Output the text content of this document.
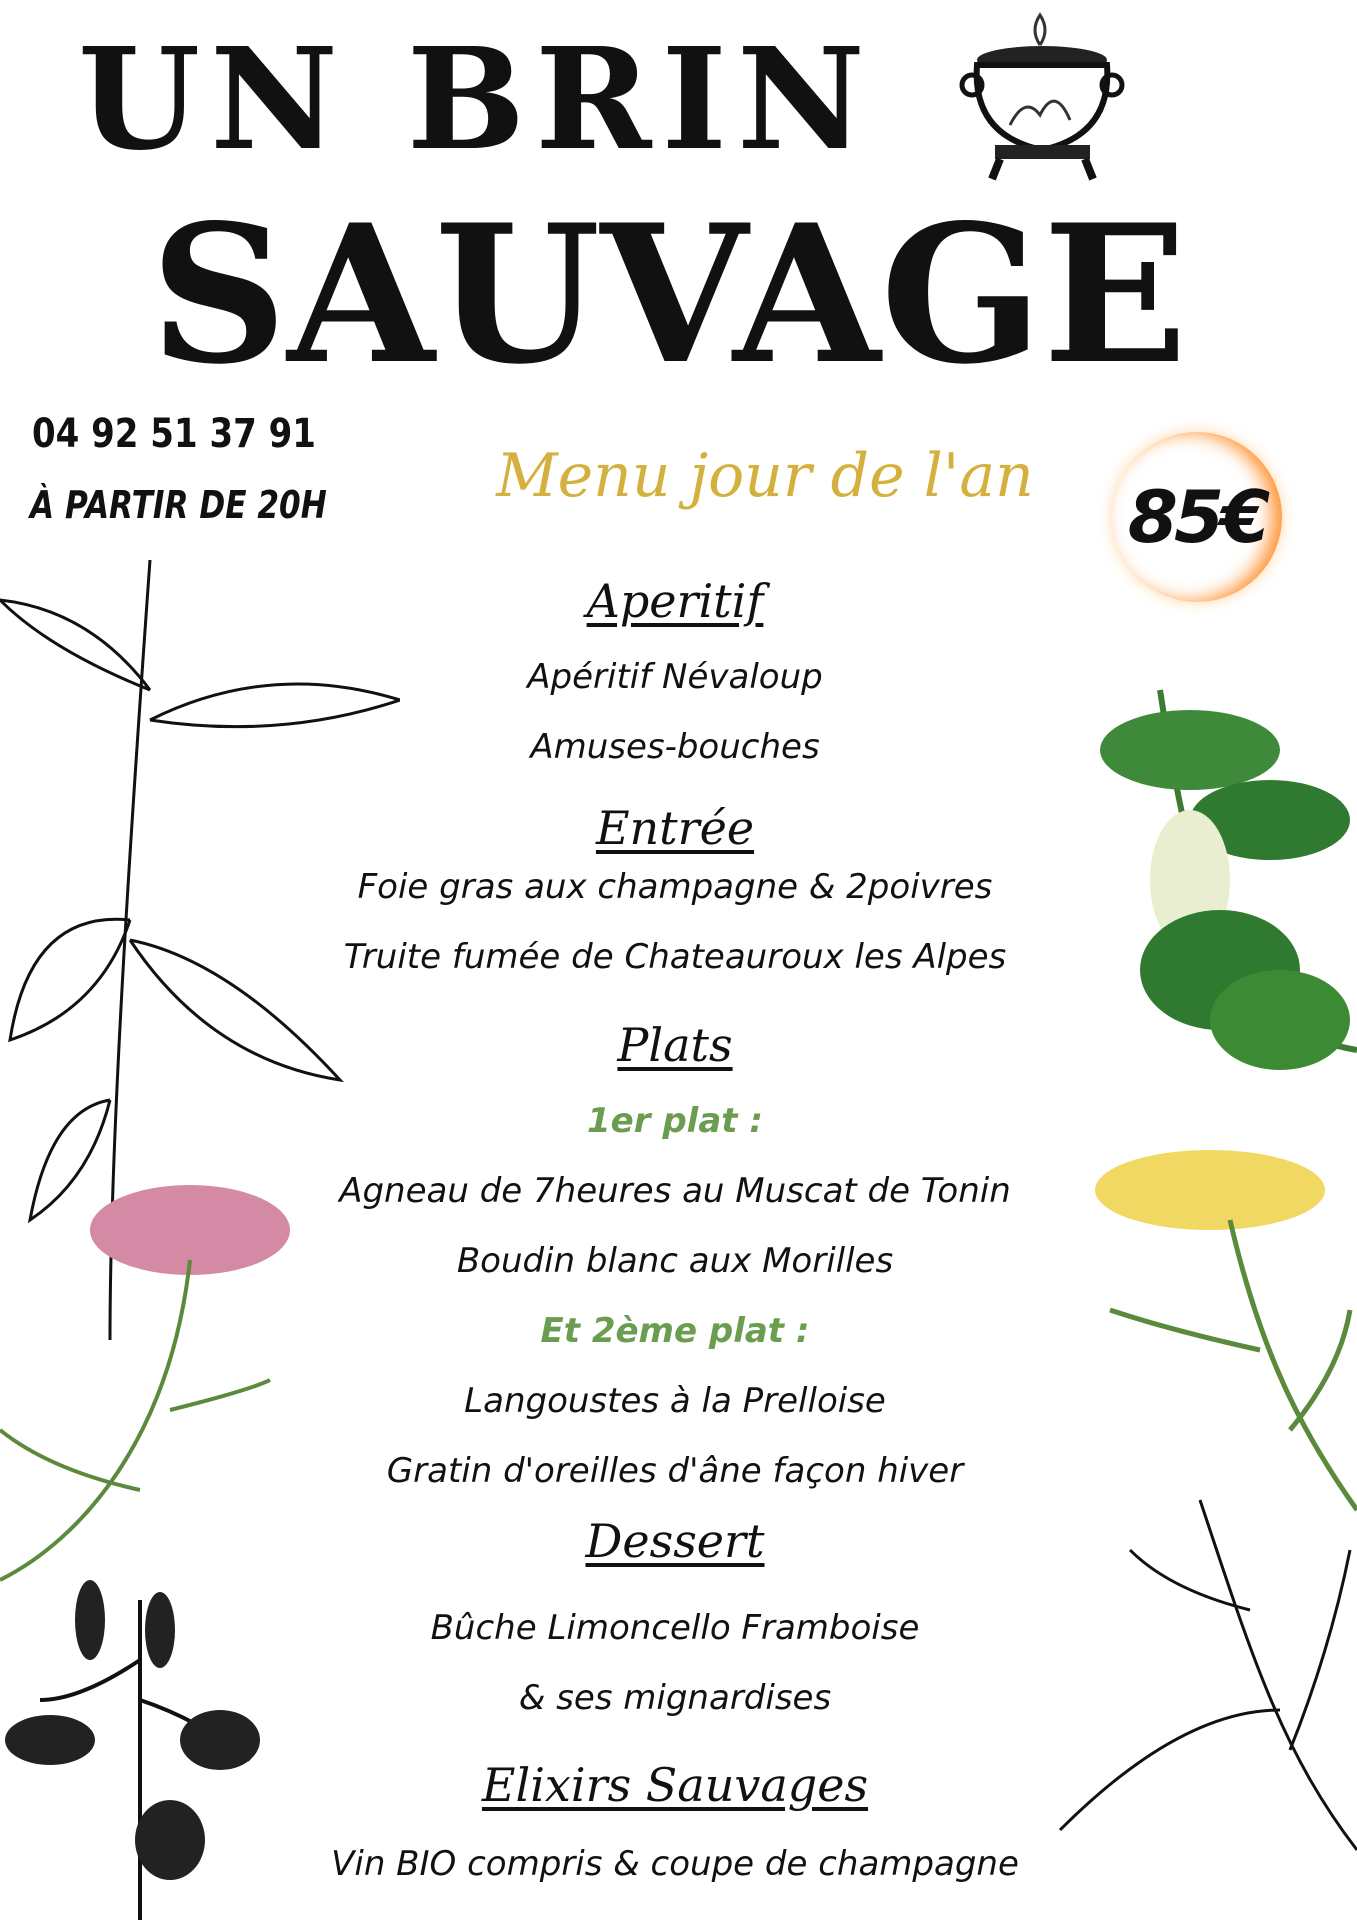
UN BRIN
SAUVAGE
04 92 51 37 91
À PARTIR DE 20H	Menu jour de l'an	85€
Aperitif
Apéritif Névaloup
Amuses-bouches
Entrée
Foie gras aux champagne & 2poivres
Truite fumée de Chateauroux les Alpes
Plats
1er plat :
Agneau de 7heures au Muscat de Tonin
Boudin blanc aux Morilles
Et 2ème plat :
Langoustes à la Prelloise
Gratin d'oreilles d'âne façon hiver
Dessert
Bûche Limoncello Framboise
& ses mignardises
Elixirs Sauvages
Vin BIO compris & coupe de champagne
